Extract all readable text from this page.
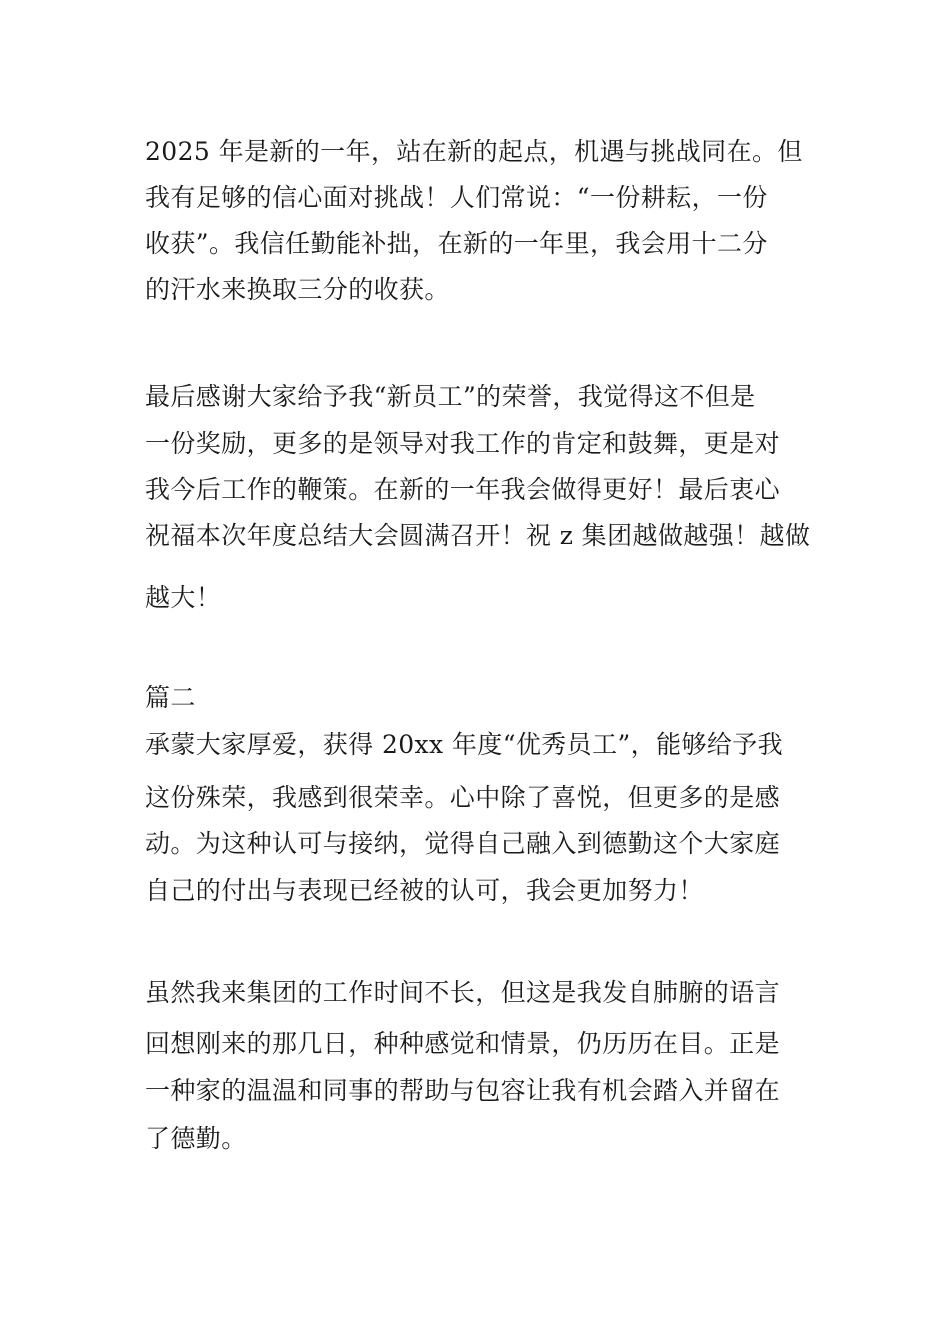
2025 年是新的一年，站在新的起点，机遇与挑战同在。但
我有足够的信心面对挑战！人们常说：“一份耕耘，一份
收获”。我信任勤能补拙，在新的一年里，我会用十二分
的汗水来换取三分的收获。
最后感谢大家给予我“新员工”的荣誉，我觉得这不但是
一份奖励，更多的是领导对我工作的肯定和鼓舞，更是对
我今后工作的鞭策。在新的一年我会做得更好！最后衷心
祝福本次年度总结大会圆满召开！祝 z 集团越做越强！越做
越大！
篇二
承蒙大家厚爱，获得 20xx 年度“优秀员工”，能够给予我
这份殊荣，我感到很荣幸。心中除了喜悦，但更多的是感
动。为这种认可与接纳，觉得自己融入到德勤这个大家庭
自己的付出与表现已经被的认可，我会更加努力！
虽然我来集团的工作时间不长，但这是我发自肺腑的语言
回想刚来的那几日，种种感觉和情景，仍历历在目。正是
一种家的温温和同事的帮助与包容让我有机会踏入并留在
了德勤。
